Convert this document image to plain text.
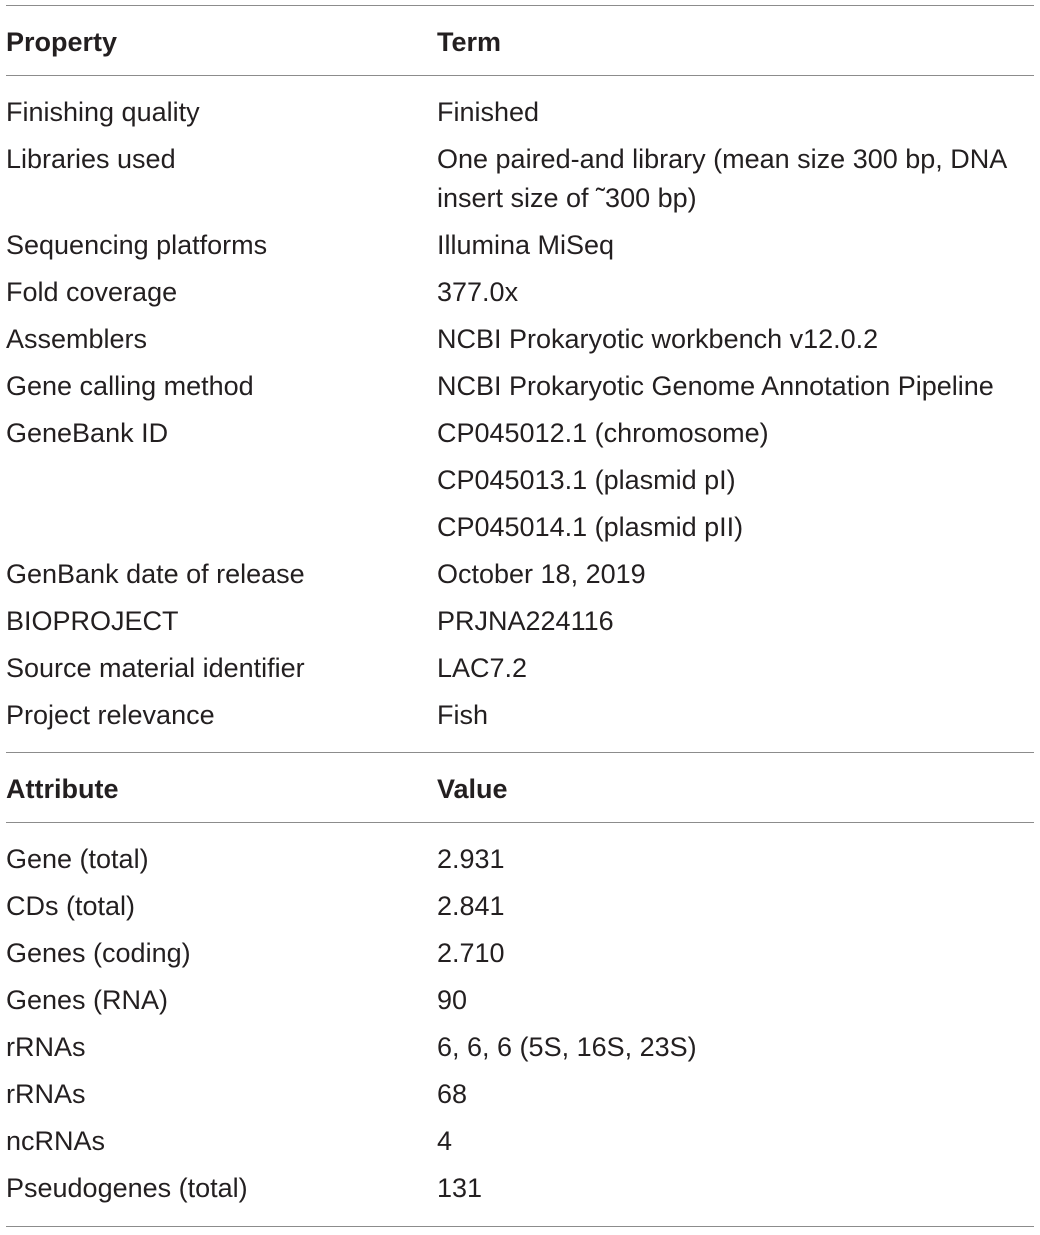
Property	Term
Finishing quality	Finished
Libraries used	One paired-and library (mean size 300 bp, DNA insert size of ˜300 bp)
Sequencing platforms	Illumina MiSeq
Fold coverage	377.0x
Assemblers	NCBI Prokaryotic workbench v12.0.2
Gene calling method	NCBI Prokaryotic Genome Annotation Pipeline
GeneBank ID	CP045012.1 (chromosome)
CP045013.1 (plasmid pI)
CP045014.1 (plasmid pII)
GenBank date of release	October 18, 2019
BIOPROJECT	PRJNA224116
Source material identifier	LAC7.2
Project relevance	Fish
Attribute	Value
Gene (total)	2.931
CDs (total)	2.841
Genes (coding)	2.710
Genes (RNA)	90
rRNAs	6, 6, 6 (5S, 16S, 23S)
rRNAs	68
ncRNAs	4
Pseudogenes (total)	131
